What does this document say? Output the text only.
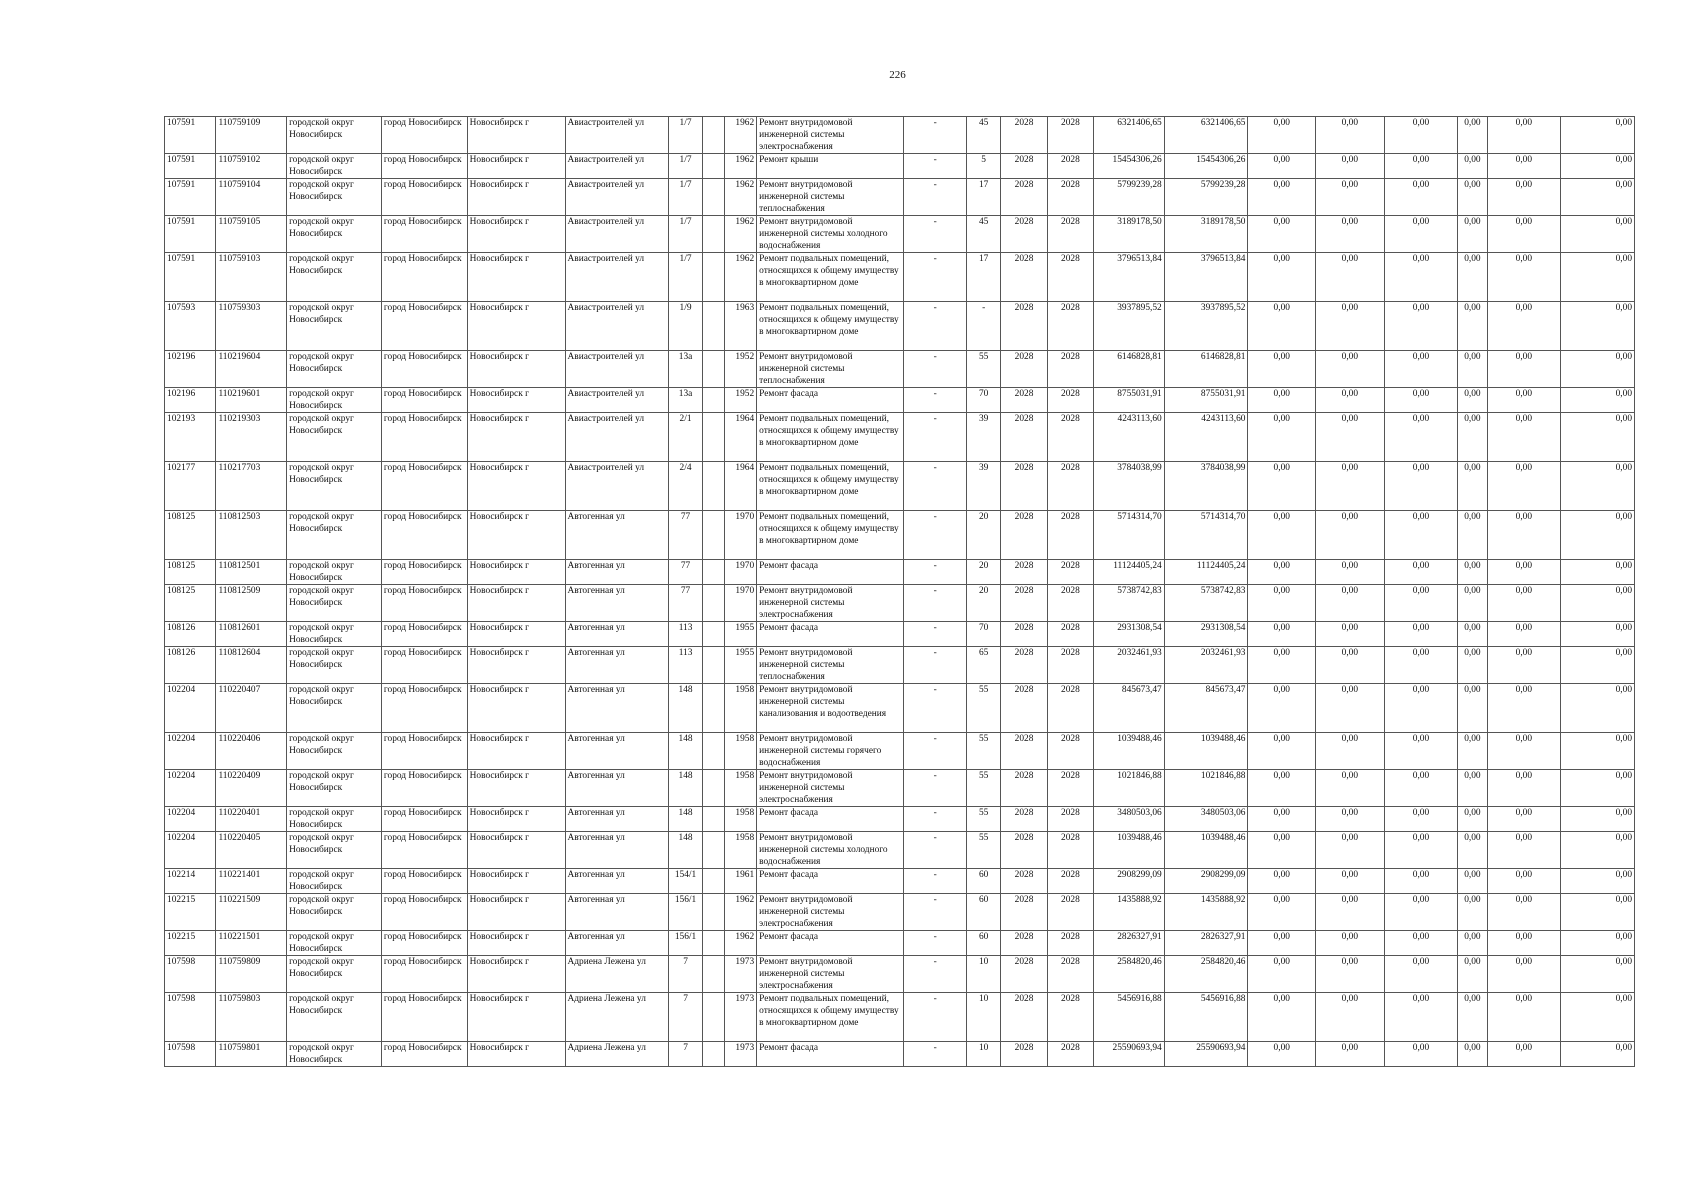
226
107591	110759109	городской округ Новосибирск	город Новосибирск	Новосибирск г	Авиастроителей ул	1/7		1962	Ремонт внутридомовой инженерной системы электроснабжения	-	45	2028	2028	6321406,65	6321406,65	0,00	0,00	0,00	0,00	0,00	0,00
107591	110759102	городской округ Новосибирск	город Новосибирск	Новосибирск г	Авиастроителей ул	1/7		1962	Ремонт крыши	-	5	2028	2028	15454306,26	15454306,26	0,00	0,00	0,00	0,00	0,00	0,00
107591	110759104	городской округ Новосибирск	город Новосибирск	Новосибирск г	Авиастроителей ул	1/7		1962	Ремонт внутридомовой инженерной системы теплоснабжения	-	17	2028	2028	5799239,28	5799239,28	0,00	0,00	0,00	0,00	0,00	0,00
107591	110759105	городской округ Новосибирск	город Новосибирск	Новосибирск г	Авиастроителей ул	1/7		1962	Ремонт внутридомовой инженерной системы холодного водоснабжения	-	45	2028	2028	3189178,50	3189178,50	0,00	0,00	0,00	0,00	0,00	0,00
107591	110759103	городской округ Новосибирск	город Новосибирск	Новосибирск г	Авиастроителей ул	1/7		1962	Ремонт подвальных помещений, относящихся к общему имуществу в многоквартирном доме	-	17	2028	2028	3796513,84	3796513,84	0,00	0,00	0,00	0,00	0,00	0,00
107593	110759303	городской округ Новосибирск	город Новосибирск	Новосибирск г	Авиастроителей ул	1/9		1963	Ремонт подвальных помещений, относящихся к общему имуществу в многоквартирном доме	-	-	2028	2028	3937895,52	3937895,52	0,00	0,00	0,00	0,00	0,00	0,00
102196	110219604	городской округ Новосибирск	город Новосибирск	Новосибирск г	Авиастроителей ул	13а		1952	Ремонт внутридомовой инженерной системы теплоснабжения	-	55	2028	2028	6146828,81	6146828,81	0,00	0,00	0,00	0,00	0,00	0,00
102196	110219601	городской округ Новосибирск	город Новосибирск	Новосибирск г	Авиастроителей ул	13а		1952	Ремонт фасада	-	70	2028	2028	8755031,91	8755031,91	0,00	0,00	0,00	0,00	0,00	0,00
102193	110219303	городской округ Новосибирск	город Новосибирск	Новосибирск г	Авиастроителей ул	2/1		1964	Ремонт подвальных помещений, относящихся к общему имуществу в многоквартирном доме	-	39	2028	2028	4243113,60	4243113,60	0,00	0,00	0,00	0,00	0,00	0,00
102177	110217703	городской округ Новосибирск	город Новосибирск	Новосибирск г	Авиастроителей ул	2/4		1964	Ремонт подвальных помещений, относящихся к общему имуществу в многоквартирном доме	-	39	2028	2028	3784038,99	3784038,99	0,00	0,00	0,00	0,00	0,00	0,00
108125	110812503	городской округ Новосибирск	город Новосибирск	Новосибирск г	Автогенная ул	77		1970	Ремонт подвальных помещений, относящихся к общему имуществу в многоквартирном доме	-	20	2028	2028	5714314,70	5714314,70	0,00	0,00	0,00	0,00	0,00	0,00
108125	110812501	городской округ Новосибирск	город Новосибирск	Новосибирск г	Автогенная ул	77		1970	Ремонт фасада	-	20	2028	2028	11124405,24	11124405,24	0,00	0,00	0,00	0,00	0,00	0,00
108125	110812509	городской округ Новосибирск	город Новосибирск	Новосибирск г	Автогенная ул	77		1970	Ремонт внутридомовой инженерной системы электроснабжения	-	20	2028	2028	5738742,83	5738742,83	0,00	0,00	0,00	0,00	0,00	0,00
108126	110812601	городской округ Новосибирск	город Новосибирск	Новосибирск г	Автогенная ул	113		1955	Ремонт фасада	-	70	2028	2028	2931308,54	2931308,54	0,00	0,00	0,00	0,00	0,00	0,00
108126	110812604	городской округ Новосибирск	город Новосибирск	Новосибирск г	Автогенная ул	113		1955	Ремонт внутридомовой инженерной системы теплоснабжения	-	65	2028	2028	2032461,93	2032461,93	0,00	0,00	0,00	0,00	0,00	0,00
102204	110220407	городской округ Новосибирск	город Новосибирск	Новосибирск г	Автогенная ул	148		1958	Ремонт внутридомовой инженерной системы канализования и водоотведения	-	55	2028	2028	845673,47	845673,47	0,00	0,00	0,00	0,00	0,00	0,00
102204	110220406	городской округ Новосибирск	город Новосибирск	Новосибирск г	Автогенная ул	148		1958	Ремонт внутридомовой инженерной системы горячего водоснабжения	-	55	2028	2028	1039488,46	1039488,46	0,00	0,00	0,00	0,00	0,00	0,00
102204	110220409	городской округ Новосибирск	город Новосибирск	Новосибирск г	Автогенная ул	148		1958	Ремонт внутридомовой инженерной системы электроснабжения	-	55	2028	2028	1021846,88	1021846,88	0,00	0,00	0,00	0,00	0,00	0,00
102204	110220401	городской округ Новосибирск	город Новосибирск	Новосибирск г	Автогенная ул	148		1958	Ремонт фасада	-	55	2028	2028	3480503,06	3480503,06	0,00	0,00	0,00	0,00	0,00	0,00
102204	110220405	городской округ Новосибирск	город Новосибирск	Новосибирск г	Автогенная ул	148		1958	Ремонт внутридомовой инженерной системы холодного водоснабжения	-	55	2028	2028	1039488,46	1039488,46	0,00	0,00	0,00	0,00	0,00	0,00
102214	110221401	городской округ Новосибирск	город Новосибирск	Новосибирск г	Автогенная ул	154/1		1961	Ремонт фасада	-	60	2028	2028	2908299,09	2908299,09	0,00	0,00	0,00	0,00	0,00	0,00
102215	110221509	городской округ Новосибирск	город Новосибирск	Новосибирск г	Автогенная ул	156/1		1962	Ремонт внутридомовой инженерной системы электроснабжения	-	60	2028	2028	1435888,92	1435888,92	0,00	0,00	0,00	0,00	0,00	0,00
102215	110221501	городской округ Новосибирск	город Новосибирск	Новосибирск г	Автогенная ул	156/1		1962	Ремонт фасада	-	60	2028	2028	2826327,91	2826327,91	0,00	0,00	0,00	0,00	0,00	0,00
107598	110759809	городской округ Новосибирск	город Новосибирск	Новосибирск г	Адриена Лежена ул	7		1973	Ремонт внутридомовой инженерной системы электроснабжения	-	10	2028	2028	2584820,46	2584820,46	0,00	0,00	0,00	0,00	0,00	0,00
107598	110759803	городской округ Новосибирск	город Новосибирск	Новосибирск г	Адриена Лежена ул	7		1973	Ремонт подвальных помещений, относящихся к общему имуществу в многоквартирном доме	-	10	2028	2028	5456916,88	5456916,88	0,00	0,00	0,00	0,00	0,00	0,00
107598	110759801	городской округ Новосибирск	город Новосибирск	Новосибирск г	Адриена Лежена ул	7		1973	Ремонт фасада	-	10	2028	2028	25590693,94	25590693,94	0,00	0,00	0,00	0,00	0,00	0,00
